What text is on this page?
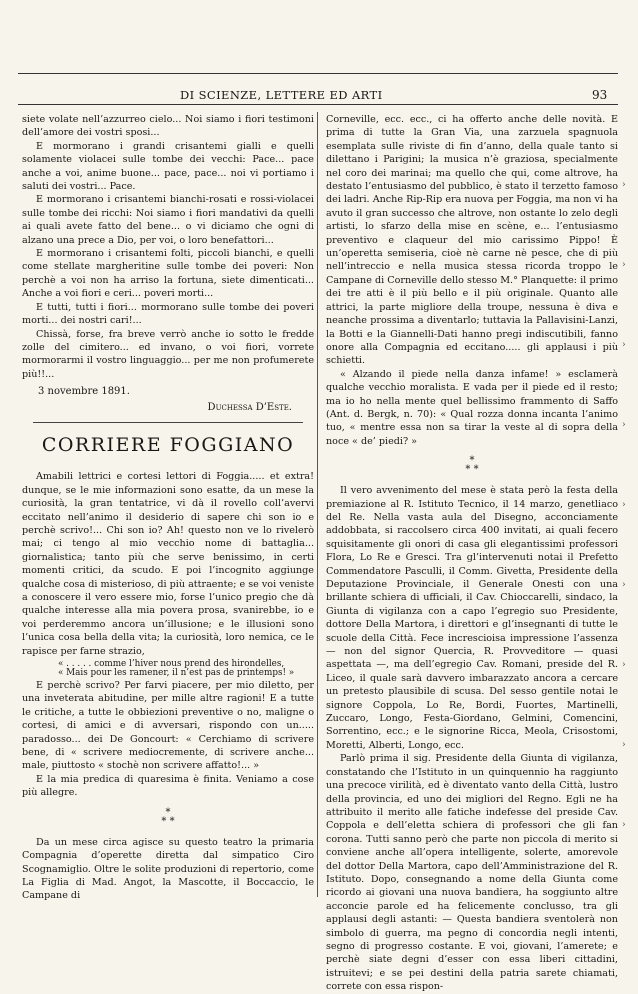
DI SCIENZE, LETTERE ED ARTI	93

siete volate nell’azzurreo cielo... Noi siamo i fiori testimoni dell’amore dei vostri sposi...

E mormorano i grandi crisantemi gialli e quelli solamente violacei sulle tombe dei vecchi: Pace... pace anche a voi, anime buone... pace, pace... noi vi portiamo i saluti dei vostri... Pace.

E mormorano i crisantemi bianchi-rosati e rossi-violacei sulle tombe dei ricchi: Noi siamo i fiori mandativi da quelli ai quali avete fatto del bene... o vi diciamo che ogni di alzano una prece a Dio, per voi, o loro benefattori...

E mormorano i crisantemi folti, piccoli bianchi, e quelli come stellate margheritine sulle tombe dei poveri: Non perchè a voi non ha arriso la fortuna, siete dimenticati... Anche a voi fiori e ceri... poveri morti...

E tutti, tutti i fiori... mormorano sulle tombe dei poveri morti... dei nostri cari!...

Chissà, forse, fra breve verrò anche io sotto le fredde zolle del cimitero... ed invano, o voi fiori, vorrete mormorarmi il vostro linguaggio... per me non profumerete più!!...

3 novembre 1891.
Duchessa D’Este.
CORRIERE FOGGIANO

Amabili lettrici e cortesi lettori di Foggia..... et extra! dunque, se le mie informazioni sono esatte, da un mese la curiosità, la gran tentatrice, vi dà il rovello coll’avervi eccitato nell’animo il desiderio di sapere chi son io e perchè scrivo!... Chi son io? Ah! questo non ve lo rivelerò mai; ci tengo al mio vecchio nome di battaglia... giornalistica; tanto più che serve benissimo, in certi momenti critici, da scudo. E poi l’incognito aggiunge qualche cosa di misterioso, di più attraente; e se voi veniste a conoscere il vero essere mio, forse l’unico pregio che dà qualche interesse alla mia povera prosa, svanirebbe, io e voi perderemmo ancora un’illusione; e le illusioni sono l’unica cosa bella della vita; la curiosità, loro nemica, ce le rapisce per farne strazio,

« . . . . . comme l’hiver nous prend des hirondelles,

« Mais pour les ramener, il n’est pas de printemps! »

E perchè scrivo? Per farvi piacere, per mio diletto, per una inveterata abitudine, per mille altre ragioni! E a tutte le critiche, a tutte le obbiezioni preventive o no, maligne o cortesi, di amici e di avversari, rispondo con un..... paradosso... dei De Goncourt: « Cerchiamo di scrivere bene, di « scrivere mediocremente, di scrivere anche... male, piuttosto « stochè non scrivere affatto!... »

E la mia predica di quaresima è finita. Veniamo a cose più allegre.

*
* *

Da un mese circa agisce su questo teatro la primaria Compagnia d’operette diretta dal simpatico Ciro Scognamiglio. Oltre le solite produzioni di repertorio, come La Figlia di Mad. Angot, la Mascotte, il Boccaccio, le Campane di

Corneville, ecc. ecc., ci ha offerto anche delle novità. E prima di tutte la Gran Via, una zarzuela spagnuola esemplata sulle riviste di fin d’anno, della quale tanto si dilettano i Parigini; la musica n’è graziosa, specialmente nel coro dei marinai; ma quello che qui, come altrove, ha destato l’entusiasmo del pubblico, è stato il terzetto famoso dei ladri. Anche Rip-Rip era nuova per Foggia, ma non vi ha avuto il gran successo che altrove, non ostante lo zelo degli artisti, lo sfarzo della mise en scène, e... l’entusiasmo preventivo e claqueur del mio carissimo Pippo! È un’operetta semiseria, cioè nè carne nè pesce, che di più nell’intreccio e nella musica stessa ricorda troppo le Campane di Corneville dello stesso M.° Planquette: il primo dei tre atti è il più bello e il più originale. Quanto alle attrici, la parte migliore della troupe, nessuna è diva e neanche prossima a diventarlo; tuttavia la Pallavisini-Lanzi, la Botti e la Giannelli-Dati hanno pregi indiscutibili, fanno onore alla Compagnia ed eccitano..... gli applausi i più schietti.

« Alzando il piede nella danza infame! » esclamerà qualche vecchio moralista. E vada per il piede ed il resto; ma io ho nella mente quel bellissimo frammento di Saffo (Ant. d. Bergk, n. 70): « Qual rozza donna incanta l’animo tuo, « mentre essa non sa tirar la veste al di sopra della noce « de’ piedi? »

*
* *

Il vero avvenimento del mese è stata però la festa della premiazione al R. Istituto Tecnico, il 14 marzo, genetliaco del Re. Nella vasta aula del Disegno, acconciamente addobbata, si raccolsero circa 400 invitati, ai quali fecero squisitamente gli onori di casa gli elegantissimi professori Flora, Lo Re e Gresci. Tra gl’intervenuti notai il Prefetto Commendatore Pasculli, il Comm. Givetta, Presidente della Deputazione Provinciale, il Generale Onesti con una brillante schiera di ufficiali, il Cav. Chioccarelli, sindaco, la Giunta di vigilanza con a capo l’egregio suo Presidente, dottore Della Martora, i direttori e gl’insegnanti di tutte le scuole della Città. Fece increscioisa impressione l’assenza — non del signor Quercia, R. Provveditore — quasi aspettata —, ma dell’egregio Cav. Romani, preside del R. Liceo, il quale sarà davvero imbarazzato ancora a cercare un pretesto plausibile di scusa. Del sesso gentile notai le signore Coppola, Lo Re, Bordi, Fuortes, Martinelli, Zuccaro, Longo, Festa-Giordano, Gelmini, Comencini, Sorrentino, ecc.; e le signorine Ricca, Meola, Crisostomi, Moretti, Alberti, Longo, ecc.

Parlò prima il sig. Presidente della Giunta di vigilanza, constatando che l’Istituto in un quinquennio ha raggiunto una precoce virilità, ed è diventato vanto della Città, lustro della provincia, ed uno dei migliori del Regno. Egli ne ha attribuito il merito alle fatiche indefesse del preside Cav. Coppola e dell’eletta schiera di professori che gli fan corona. Tutti sanno però che parte non piccola di merito si conviene anche all’opera intelligente, solerte, amorevole del dottor Della Martora, capo dell’Amministrazione del R. Istituto. Dopo, consegnando a nome della Giunta come ricordo ai giovani una nuova bandiera, ha soggiunto altre acconcie parole ed ha felicemente conclusso, tra gli applausi degli astanti: — Questa bandiera sventolerà non simbolo di guerra, ma pegno di concordia negli intenti, segno di progresso costante. E voi, giovani, l’amerete; e perchè siate degni d’esser con essa liberi cittadini, istruitevi; e se pei destini della patria sarete chiamati, correte con essa rispon-

›
›
›
›
›
›
›
›
›
